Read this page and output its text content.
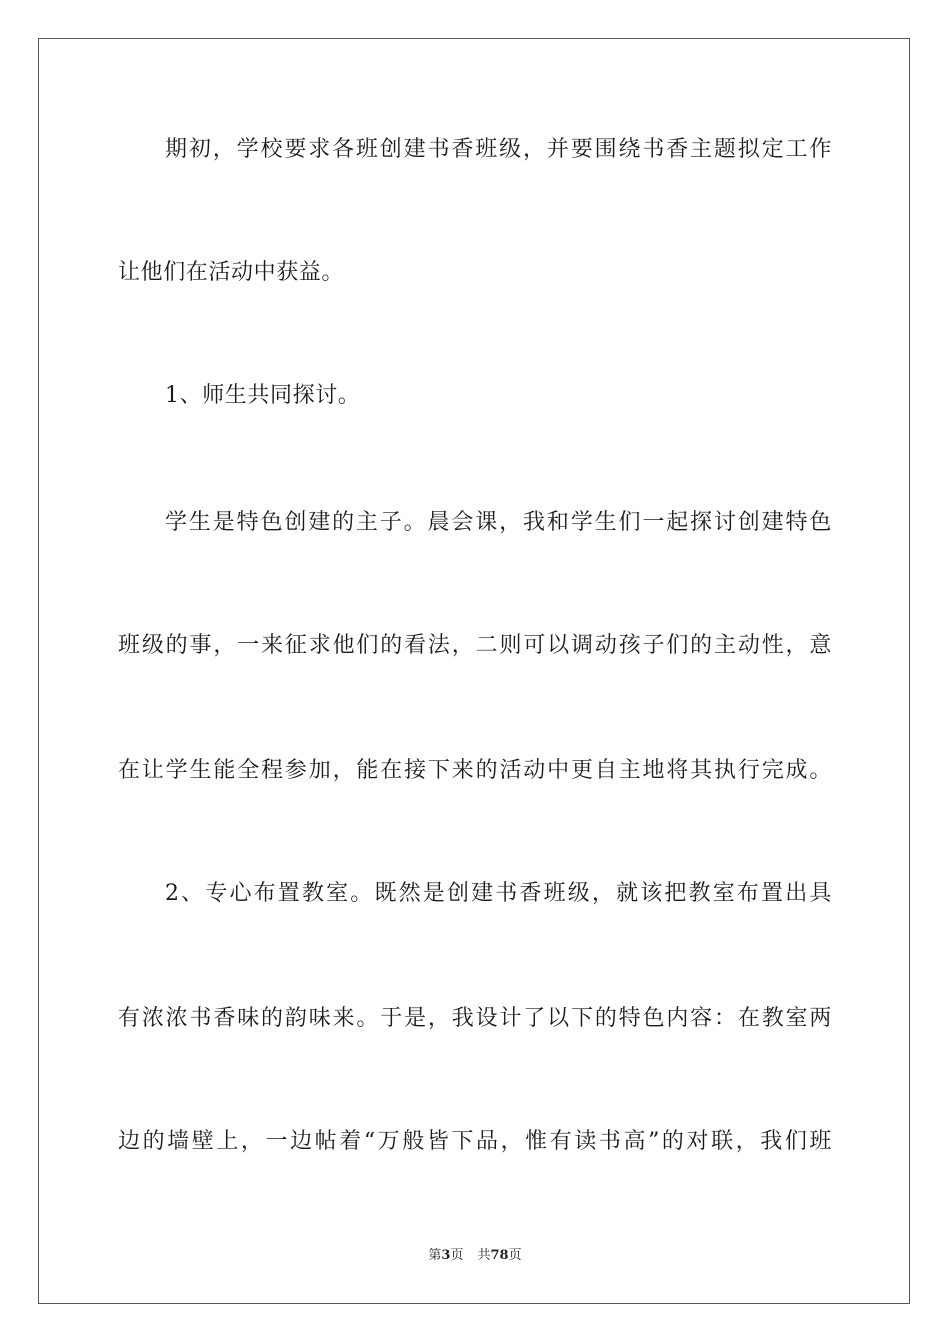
期初，学校要求各班创建书香班级，并要围绕书香主题拟定工作
让他们在活动中获益。
1、师生共同探讨。
学生是特色创建的主子。晨会课，我和学生们一起探讨创建特色
班级的事，一来征求他们的看法，二则可以调动孩子们的主动性，意
在让学生能全程参加，能在接下来的活动中更自主地将其执行完成。
2、专心布置教室。既然是创建书香班级，就该把教室布置出具
有浓浓书香味的韵味来。于是，我设计了以下的特色内容：在教室两
边的墙壁上，一边帖着“万般皆下品，惟有读书高”的对联，我们班
第3页 共78页
